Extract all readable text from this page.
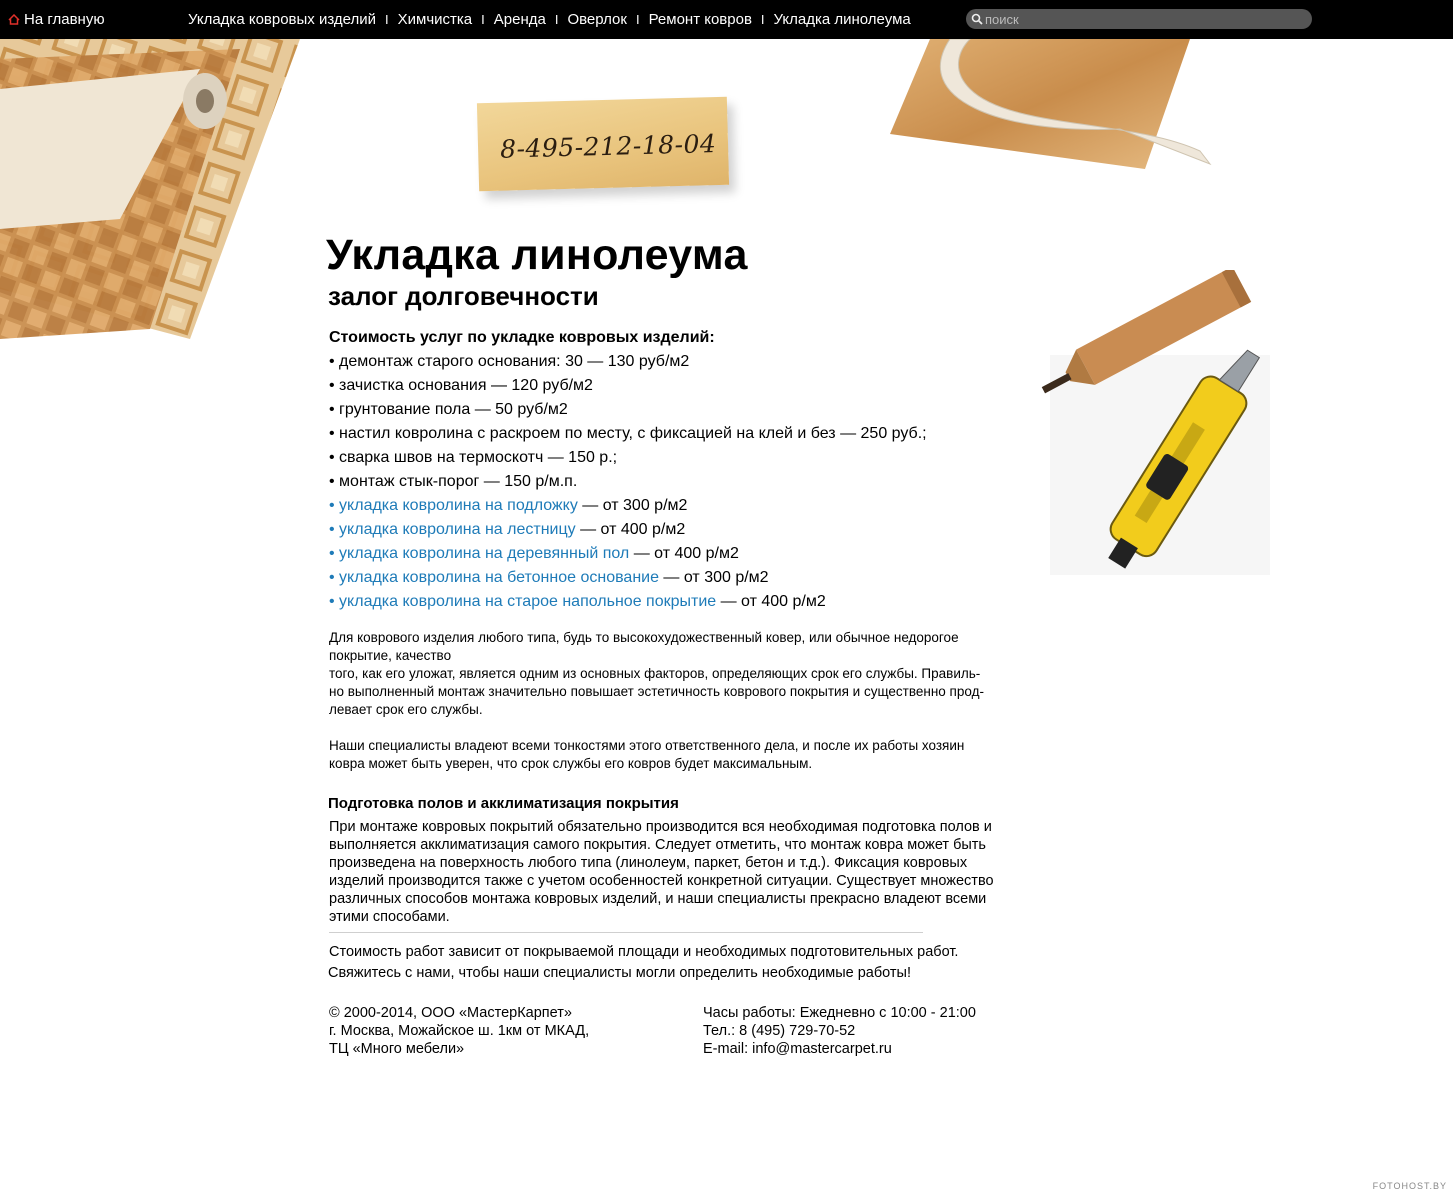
На главную	Укладка ковровых изделий I Химчистка I Аренда I Оверлок I Ремонт ковров I Укладка линолеума
поиск
8-495-212-18-04
Укладка линолеума
залог долговечности
Стоимость услуг по укладке ковровых изделий:
• демонтаж старого основания: 30 — 130 руб/м2
• зачистка основания — 120 руб/м2
• грунтование пола — 50 руб/м2
• настил ковролина с раскроем по месту, с фиксацией на клей и без — 250 руб.;
• сварка швов на термоскотч — 150 р.;
• монтаж стык-порог — 150 р/м.п.
• укладка ковролина на подложку — от 300 р/м2
• укладка ковролина на лестницу — от 400 р/м2
• укладка ковролина на деревянный пол — от 400 р/м2
• укладка ковролина на бетонное основание — от 300 р/м2
• укладка ковролина на старое напольное покрытие — от 400 р/м2

Для коврового изделия любого типа, будь то высокохудожественный ковер, или обычное недорогое

покрытие, качество

того, как его уложат, является одним из основных факторов, определяющих срок его службы. Правиль-

но выполненный монтаж значительно повышает эстетичность коврового покрытия и существенно прод-

левает срок его службы.

Наши специалисты владеют всеми тонкостями этого ответственного дела, и после их работы хозяин

ковра может быть уверен, что срок службы его ковров будет максимальным.

Подготовка полов и акклиматизация покрытия
При монтаже ковровых покрытий обязательно производится вся необходимая подготовка полов и
выполняется акклиматизация самого покрытия. Следует отметить, что монтаж ковра может быть
произведена на поверхность любого типа (линолеум, паркет, бетон и т.д.). Фиксация ковровых
изделий производится также с учетом особенностей конкретной ситуации. Существует множество
различных способов монтажа ковровых изделий, и наши специалисты прекрасно владеют всеми
этими способами.

Стоимость работ зависит от покрываемой площади и необходимых подготовительных работ.

Свяжитесь с нами, чтобы наши специалисты могли определить необходимые работы!

© 2000-2014, ООО «МастерКарпет»
г. Москва, Можайское ш. 1км от МКАД,
ТЦ «Много мебели»
Часы работы: Ежедневно с 10:00 - 21:00
Тел.: 8 (495) 729-70-52
E-mail: info@mastercarpet.ru
FOTOHOST.BY
